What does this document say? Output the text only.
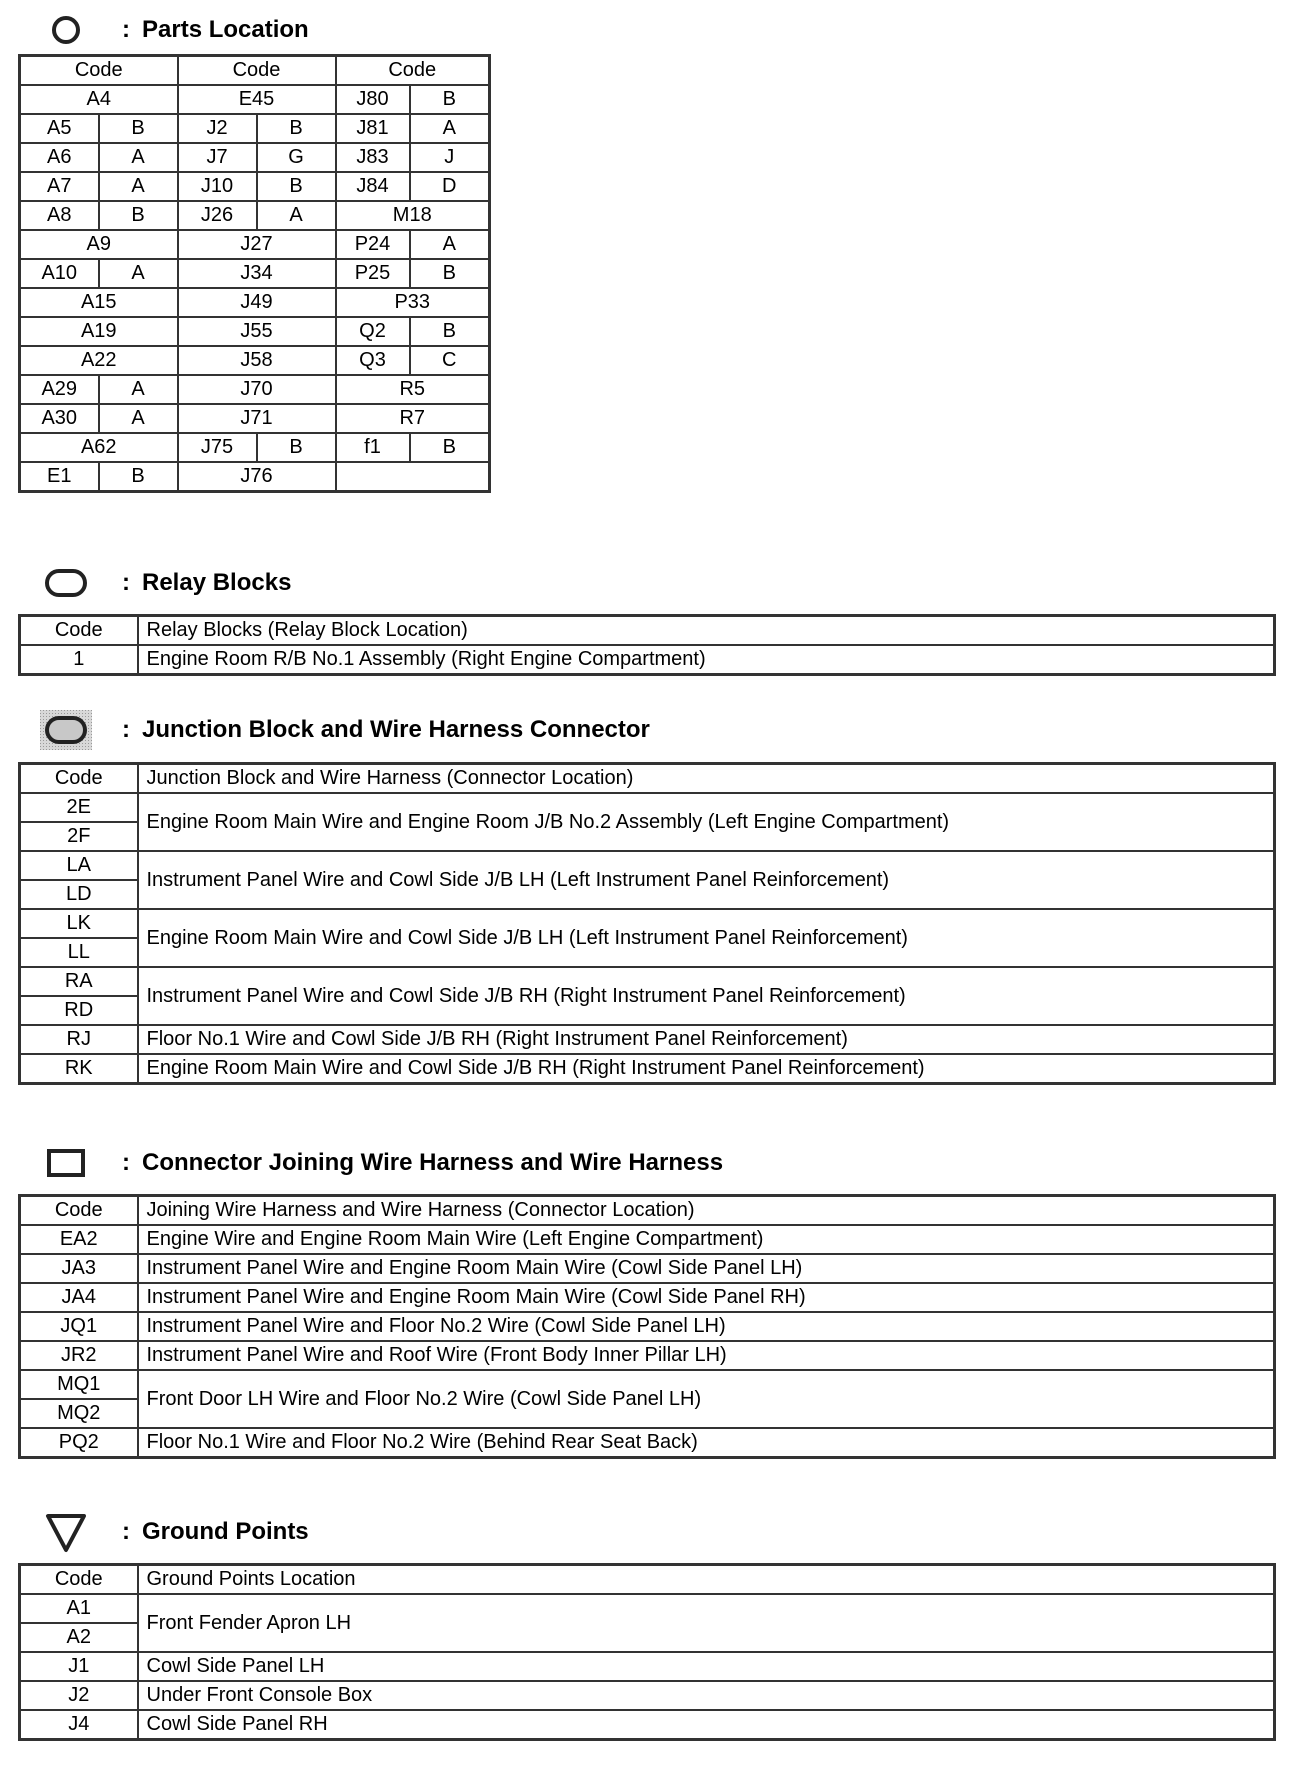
: Parts Location
Code		Code		Code	
A4		E45		J80	B
A5	B	J2	B	J81	A
A6	A	J7	G	J83	J
A7	A	J10	B	J84	D
A8	B	J26	A	M18	
A9		J27		P24	A
A10	A	J34		P25	B
A15		J49		P33	
A19		J55		Q2	B
A22		J58		Q3	C
A29	A	J70		R5	
A30	A	J71		R7	
A62		J75	B	f1	B
E1	B	J76			
: Relay Blocks
Code	Relay Blocks (Relay Block Location)
1	Engine Room R/B No.1 Assembly (Right Engine Compartment)
: Junction Block and Wire Harness Connector
Code	Junction Block and Wire Harness (Connector Location)
2E	Engine Room Main Wire and Engine Room J/B No.2 Assembly (Left Engine Compartment)
2F	
LA	Instrument Panel Wire and Cowl Side J/B LH (Left Instrument Panel Reinforcement)
LD	
LK	Engine Room Main Wire and Cowl Side J/B LH (Left Instrument Panel Reinforcement)
LL	
RA	Instrument Panel Wire and Cowl Side J/B RH (Right Instrument Panel Reinforcement)
RD	
RJ	Floor No.1 Wire and Cowl Side J/B RH (Right Instrument Panel Reinforcement)
RK	Engine Room Main Wire and Cowl Side J/B RH (Right Instrument Panel Reinforcement)
: Connector Joining Wire Harness and Wire Harness
Code	Joining Wire Harness and Wire Harness (Connector Location)
EA2	Engine Wire and Engine Room Main Wire (Left Engine Compartment)
JA3	Instrument Panel Wire and Engine Room Main Wire (Cowl Side Panel LH)
JA4	Instrument Panel Wire and Engine Room Main Wire (Cowl Side Panel RH)
JQ1	Instrument Panel Wire and Floor No.2 Wire (Cowl Side Panel LH)
JR2	Instrument Panel Wire and Roof Wire (Front Body Inner Pillar LH)
MQ1	Front Door LH Wire and Floor No.2 Wire (Cowl Side Panel LH)
MQ2	
PQ2	Floor No.1 Wire and Floor No.2 Wire (Behind Rear Seat Back)
: Ground Points
Code	Ground Points Location
A1	Front Fender Apron LH
A2	
J1	Cowl Side Panel LH
J2	Under Front Console Box
J4	Cowl Side Panel RH
